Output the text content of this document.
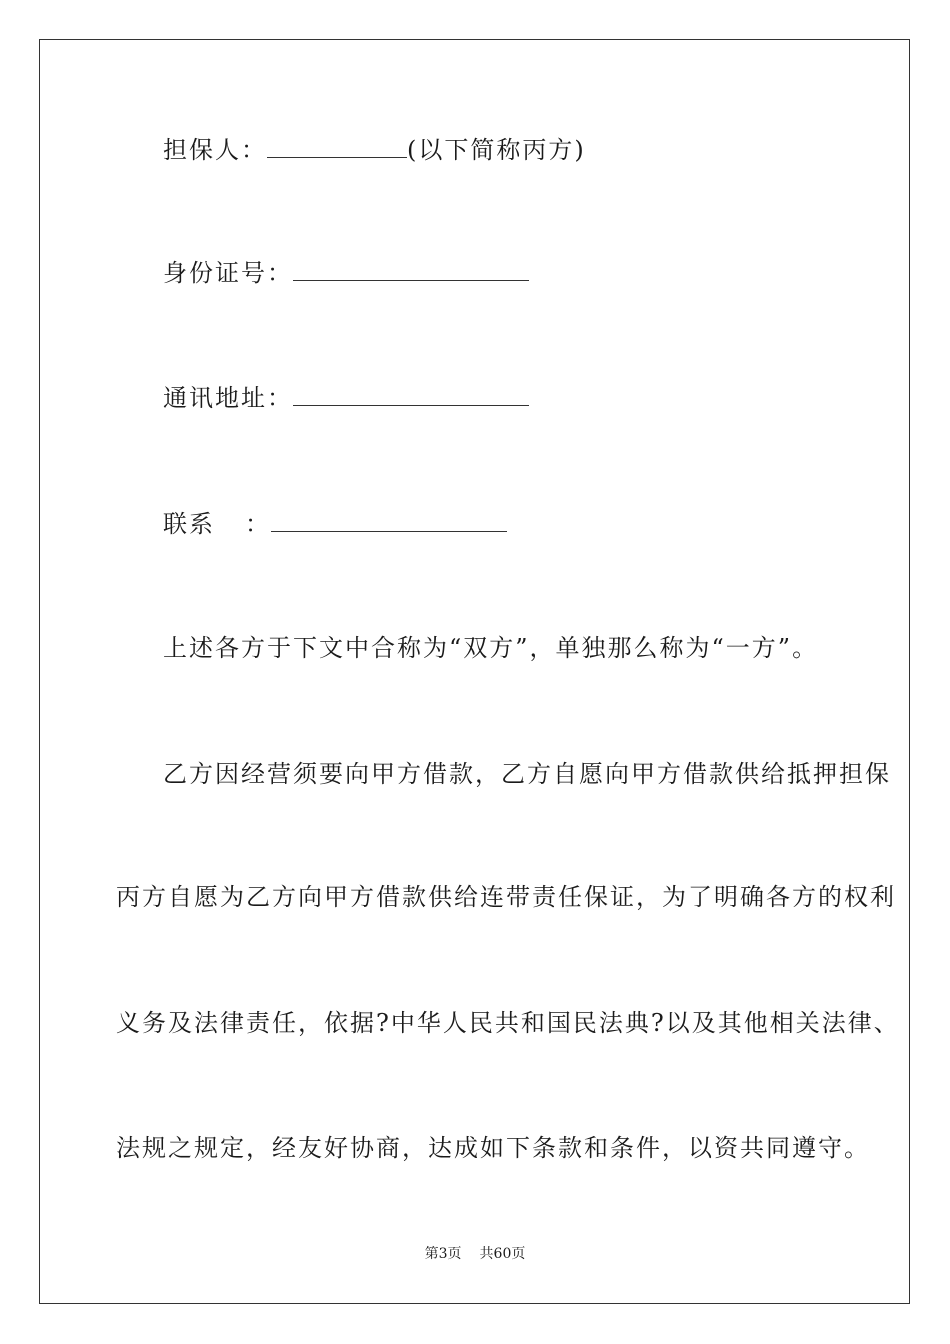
担保人：	(以下简称丙方)
身份证号：
通讯地址：
联系 ：
上述各方于下文中合称为“双方”，单独那么称为“一方”。
乙方因经营须要向甲方借款，乙方自愿向甲方借款供给抵押担保
丙方自愿为乙方向甲方借款供给连带责任保证，为了明确各方的权利
义务及法律责任，依据?中华人民共和国民法典?以及其他相关法律、
法规之规定，经友好协商，达成如下条款和条件，以资共同遵守。
第3页 共60页
